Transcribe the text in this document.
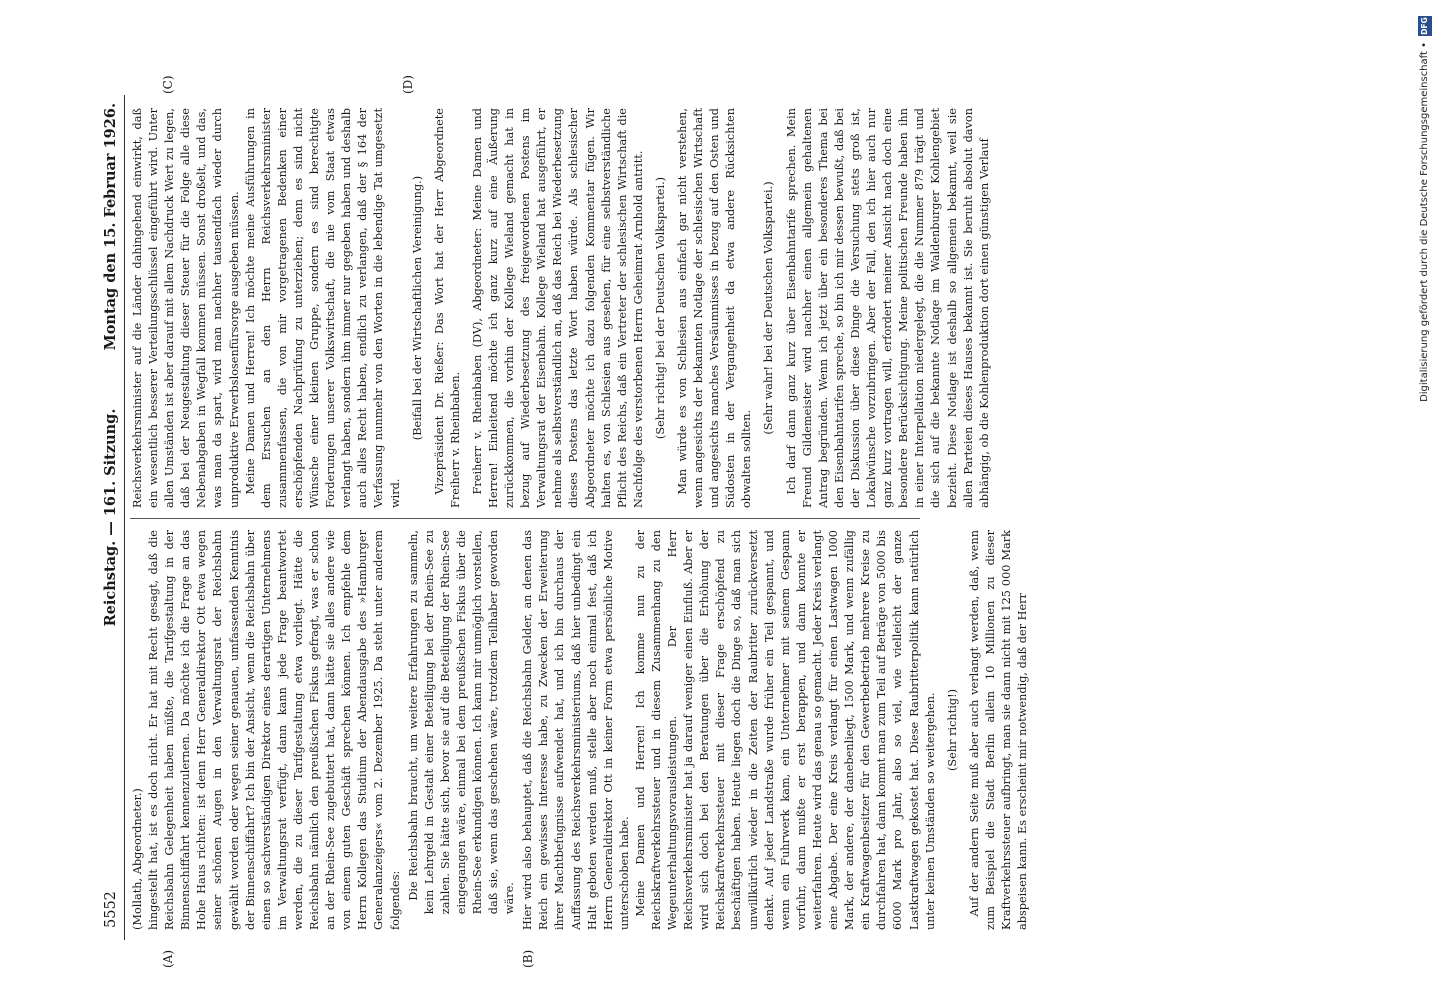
5552
Reichstag. — 161. Sitzung.
Montag den 15. Februar 1926.
(A)	(B)
(C)	(D)

(Mollath, Abgeordneter.) hingestellt hat, ist es doch nicht. Er hat mit Recht gesagt, daß die Reichsbahn Gelegenheit haben müßte, die Tarifgestaltung in der Binnenschiffahrt kennenzulernen. Da möchte ich die Frage an das Hohe Haus richten: ist denn Herr Generaldirektor Ott etwa wegen seiner schönen Augen in den Verwaltungsrat der Reichsbahn gewählt worden oder wegen seiner genauen, umfassenden Kenntnis der Binnenschiffahrt? Ich bin der Ansicht, wenn die Reichsbahn über einen so sachverständigen Direktor eines derartigen Unternehmens im Verwaltungsrat verfügt, dann kann jede Frage beantwortet werden, die zu dieser Tarifgestaltung etwa vorliegt. Hätte die Reichsbahn nämlich den preußischen Fiskus gefragt, was er schon an der Rhein-See zugebuttert hat, dann hätte sie alles andere wie von einem guten Geschäft sprechen können. Ich empfehle dem Herrn Kollegen das Studium der Abendausgabe des »Hamburger Generalanzeigers« vom 2. Dezember 1925. Da steht unter anderem folgendes: Die Reichsbahn braucht, um weitere Erfahrungen zu sammeln, kein Lehrgeld in Gestalt einer Beteiligung bei der Rhein-See zu zahlen. Sie hätte sich, bevor sie auf die Beteiligung der Rhein-See eingegangen wäre, einmal bei dem preußischen Fiskus über die Rhein-See erkundigen können. Ich kann mir unmöglich vorstellen, daß sie, wenn das geschehen wäre, trotzdem Teilhaber geworden wäre. Hier wird also behauptet, daß die Reichsbahn Gelder, an denen das Reich ein gewisses Interesse habe, zu Zwecken der Erweiterung ihrer Machtbefugnisse aufwendet hat, und ich bin durchaus der Auffassung des Reichsverkehrsministeriums, daß hier unbedingt ein Halt geboten werden muß, stelle aber noch einmal fest, daß ich Herrn Generaldirektor Ott in keiner Form etwa persönliche Motive unterschoben habe. Meine Damen und Herren! Ich komme nun zu der Reichskraftverkehrssteuer und in diesem Zusammenhang zu den Wegeunterhaltungsvorausleistungen. Der Herr Reichsverkehrsminister hat ja darauf weniger einen Einfluß. Aber er wird sich doch bei den Beratungen über die Erhöhung der Reichskraftverkehrssteuer mit dieser Frage erschöpfend zu beschäftigen haben. Heute liegen doch die Dinge so, daß man sich unwillkürlich wieder in die Zeiten der Raubritter zurückversetzt denkt. Auf jeder Landstraße wurde früher ein Teil gespannt, und wenn ein Fuhrwerk kam, ein Unternehmer mit seinem Gespann vorfuhr, dann mußte er erst berappen, und dann konnte er weiterfahren. Heute wird das genau so gemacht. Jeder Kreis verlangt eine Abgabe. Der eine Kreis verlangt für einen Lastwagen 1000 Mark, der andere, der danebenliegt, 1500 Mark, und wenn zufällig ein Kraftwagenbesitzer für den Gewerbebetrieb mehrere Kreise zu durchfahren hat, dann kommt man zum Teil auf Beträge von 5000 bis 6000 Mark pro Jahr, also so viel, wie vielleicht der ganze Lastkraftwagen gekostet hat. Diese Raubritterpolitik kann natürlich unter keinen Umständen so weitergehen. (Sehr richtig!) Auf der andern Seite muß aber auch verlangt werden, daß, wenn zum Beispiel die Stadt Berlin allein 10 Millionen zu dieser Kraftverkehrssteuer aufbringt, man sie dann nicht mit 125 000 Mark abspeisen kann. Es erscheint mir notwendig, daß der Herr

Reichsverkehrsminister auf die Länder dahingehend einwirkt, daß ein wesentlich besserer Verteilungsschlüssel eingeführt wird. Unter allen Umständen ist aber darauf mit allem Nachdruck Wert zu legen, daß bei der Neugestaltung dieser Steuer für die Folge alle diese Nebenabgaben in Wegfall kommen müssen. Sonst droßelt, und das, was man da spart, wird man nachher tausendfach wieder durch unproduktive Erwerbslosenfürsorge ausgeben müssen. Meine Damen und Herren! Ich möchte meine Ausführungen in dem Ersuchen an den Herrn Reichsverkehrsminister zusammenfassen, die von mir vorgetragenen Bedenken einer erschöpfenden Nachprüfung zu unterziehen; denn es sind nicht Wünsche einer kleinen Gruppe, sondern es sind berechtigte Forderungen unserer Volkswirtschaft, die nie vom Staat etwas verlangt haben, sondern ihm immer nur gegeben haben und deshalb auch alles Recht haben, endlich zu verlangen, daß der § 164 der Verfassung nunmehr von den Worten in die lebendige Tat umgesetzt wird.

(Beifall bei der Wirtschaftlichen Vereinigung.) Vizepräsident Dr. Rießer: Das Wort hat der Herr Abgeordnete Freiherr v. Rheinbaben. Freiherr v. Rheinbaben (DV), Abgeordneter: Meine Damen und Herren! Einleitend möchte ich ganz kurz auf eine Äußerung zurückkommen, die vorhin der Kollege Wieland gemacht hat in bezug auf Wiederbesetzung des freigewordenen Postens im Verwaltungsrat der Eisenbahn. Kollege Wieland hat ausgeführt, er nehme als selbstverständlich an, daß das Reich bei Wiederbesetzung dieses Postens das letzte Wort haben würde. Als schlesischer Abgeordneter möchte ich dazu folgenden Kommentar fügen. Wir halten es, von Schlesien aus gesehen, für eine selbstverständliche Pflicht des Reichs, daß ein Vertreter der schlesischen Wirtschaft die Nachfolge des verstorbenen Herrn Geheimrat Arnhold antritt. (Sehr richtig! bei der Deutschen Volkspartei.) Man würde es von Schlesien aus einfach gar nicht verstehen, wenn angesichts der bekannten Notlage der schlesischen Wirtschaft und angesichts manches Versäumnisses in bezug auf den Osten und Südosten in der Vergangenheit da etwa andere Rücksichten obwalten sollten.

(Sehr wahr! bei der Deutschen Volkspartei.) Ich darf dann ganz kurz über Eisenbahntarife sprechen. Mein Freund Gildemeister wird nachher einen allgemein gehaltenen Antrag begründen. Wenn ich jetzt über ein besonderes Thema bei den Eisenbahntarifen spreche, so bin ich mir dessen bewußt, daß bei der Diskussion über diese Dinge die Versuchung stets groß ist, Lokalwünsche vorzubringen. Aber der Fall, den ich hier auch nur ganz kurz vortragen will, erfordert meiner Ansicht nach doch eine besondere Berücksichtigung. Meine politischen Freunde haben ihn in einer Interpellation niedergelegt, die die Nummer 879 trägt und die sich auf die bekannte Notlage im Waldenburger Kohlengebiet bezieht. Diese Notlage ist deshalb so allgemein bekannt, weil sie allen Parteien dieses Hauses bekannt ist. Sie beruht absolut davon abhängig, ob die Kohlenproduktion dort einen günstigen Verlauf	Digitalisierung gefördert durch die Deutsche Forschungsgemeinschaft •
DFG
